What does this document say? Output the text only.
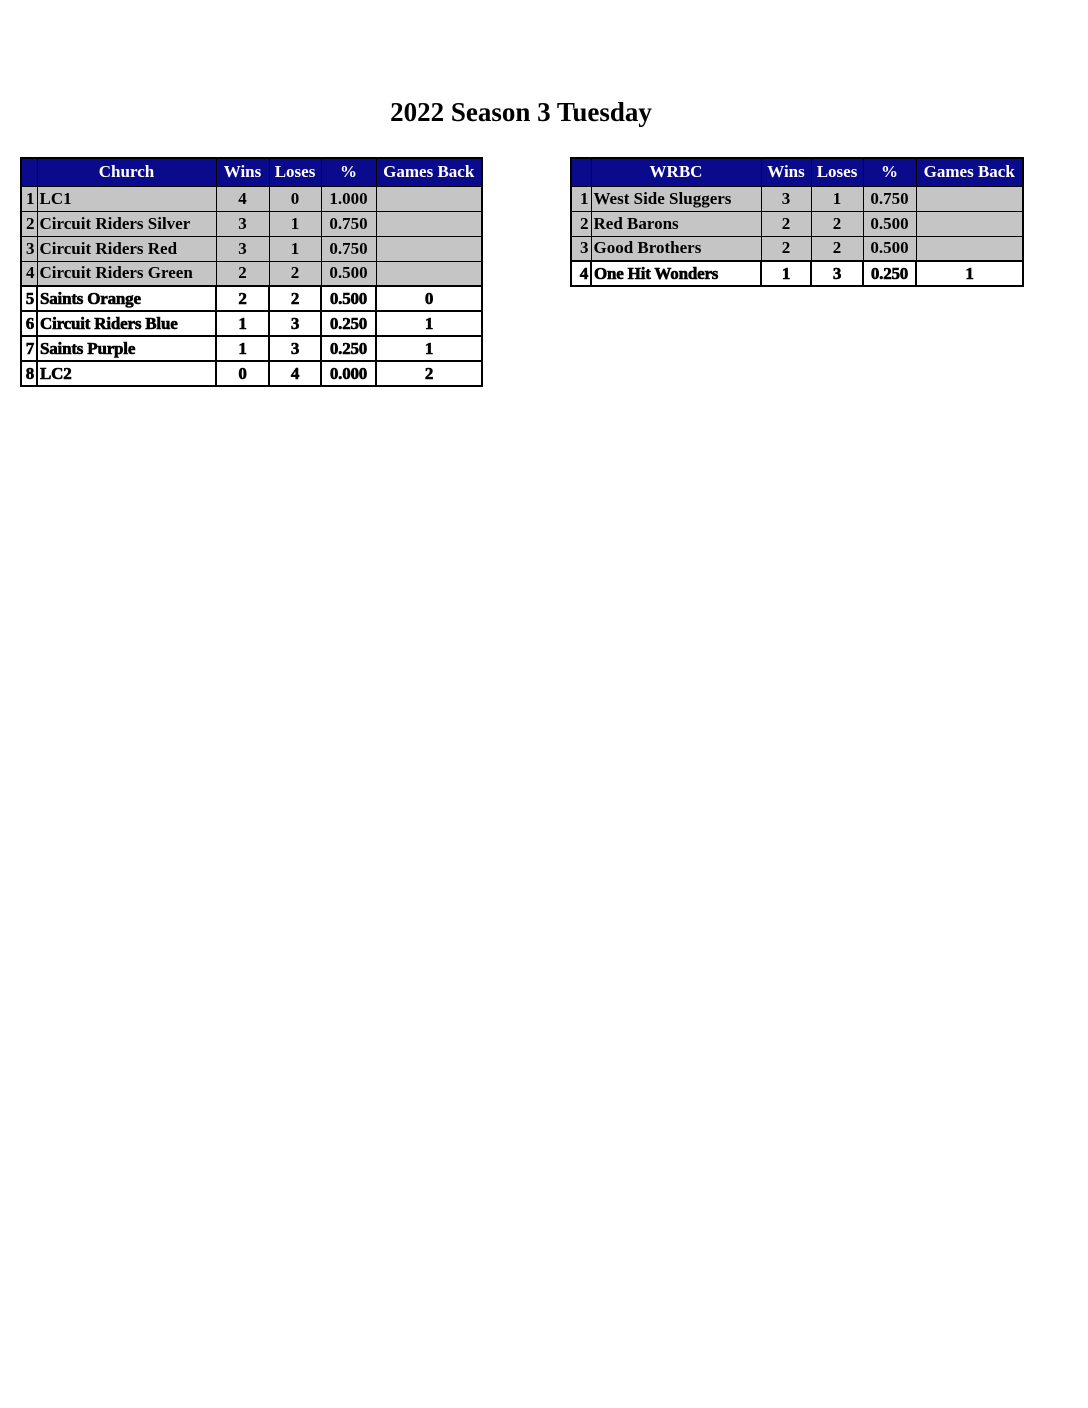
2022 Season 3 Tuesday
	Church	Wins	Loses	%	Games Back
1	LC1	4	0	1.000	
2	Circuit Riders Silver	3	1	0.750	
3	Circuit Riders Red	3	1	0.750	
4	Circuit Riders Green	2	2	0.500	
5	Saints Orange	2	2	0.500	0
6	Circuit Riders Blue	1	3	0.250	1
7	Saints Purple	1	3	0.250	1
8	LC2	0	4	0.000	2
	WRBC	Wins	Loses	%	Games Back
1	West Side Sluggers	3	1	0.750	
2	Red Barons	2	2	0.500	
3	Good Brothers	2	2	0.500	
4	One Hit Wonders	1	3	0.250	1
